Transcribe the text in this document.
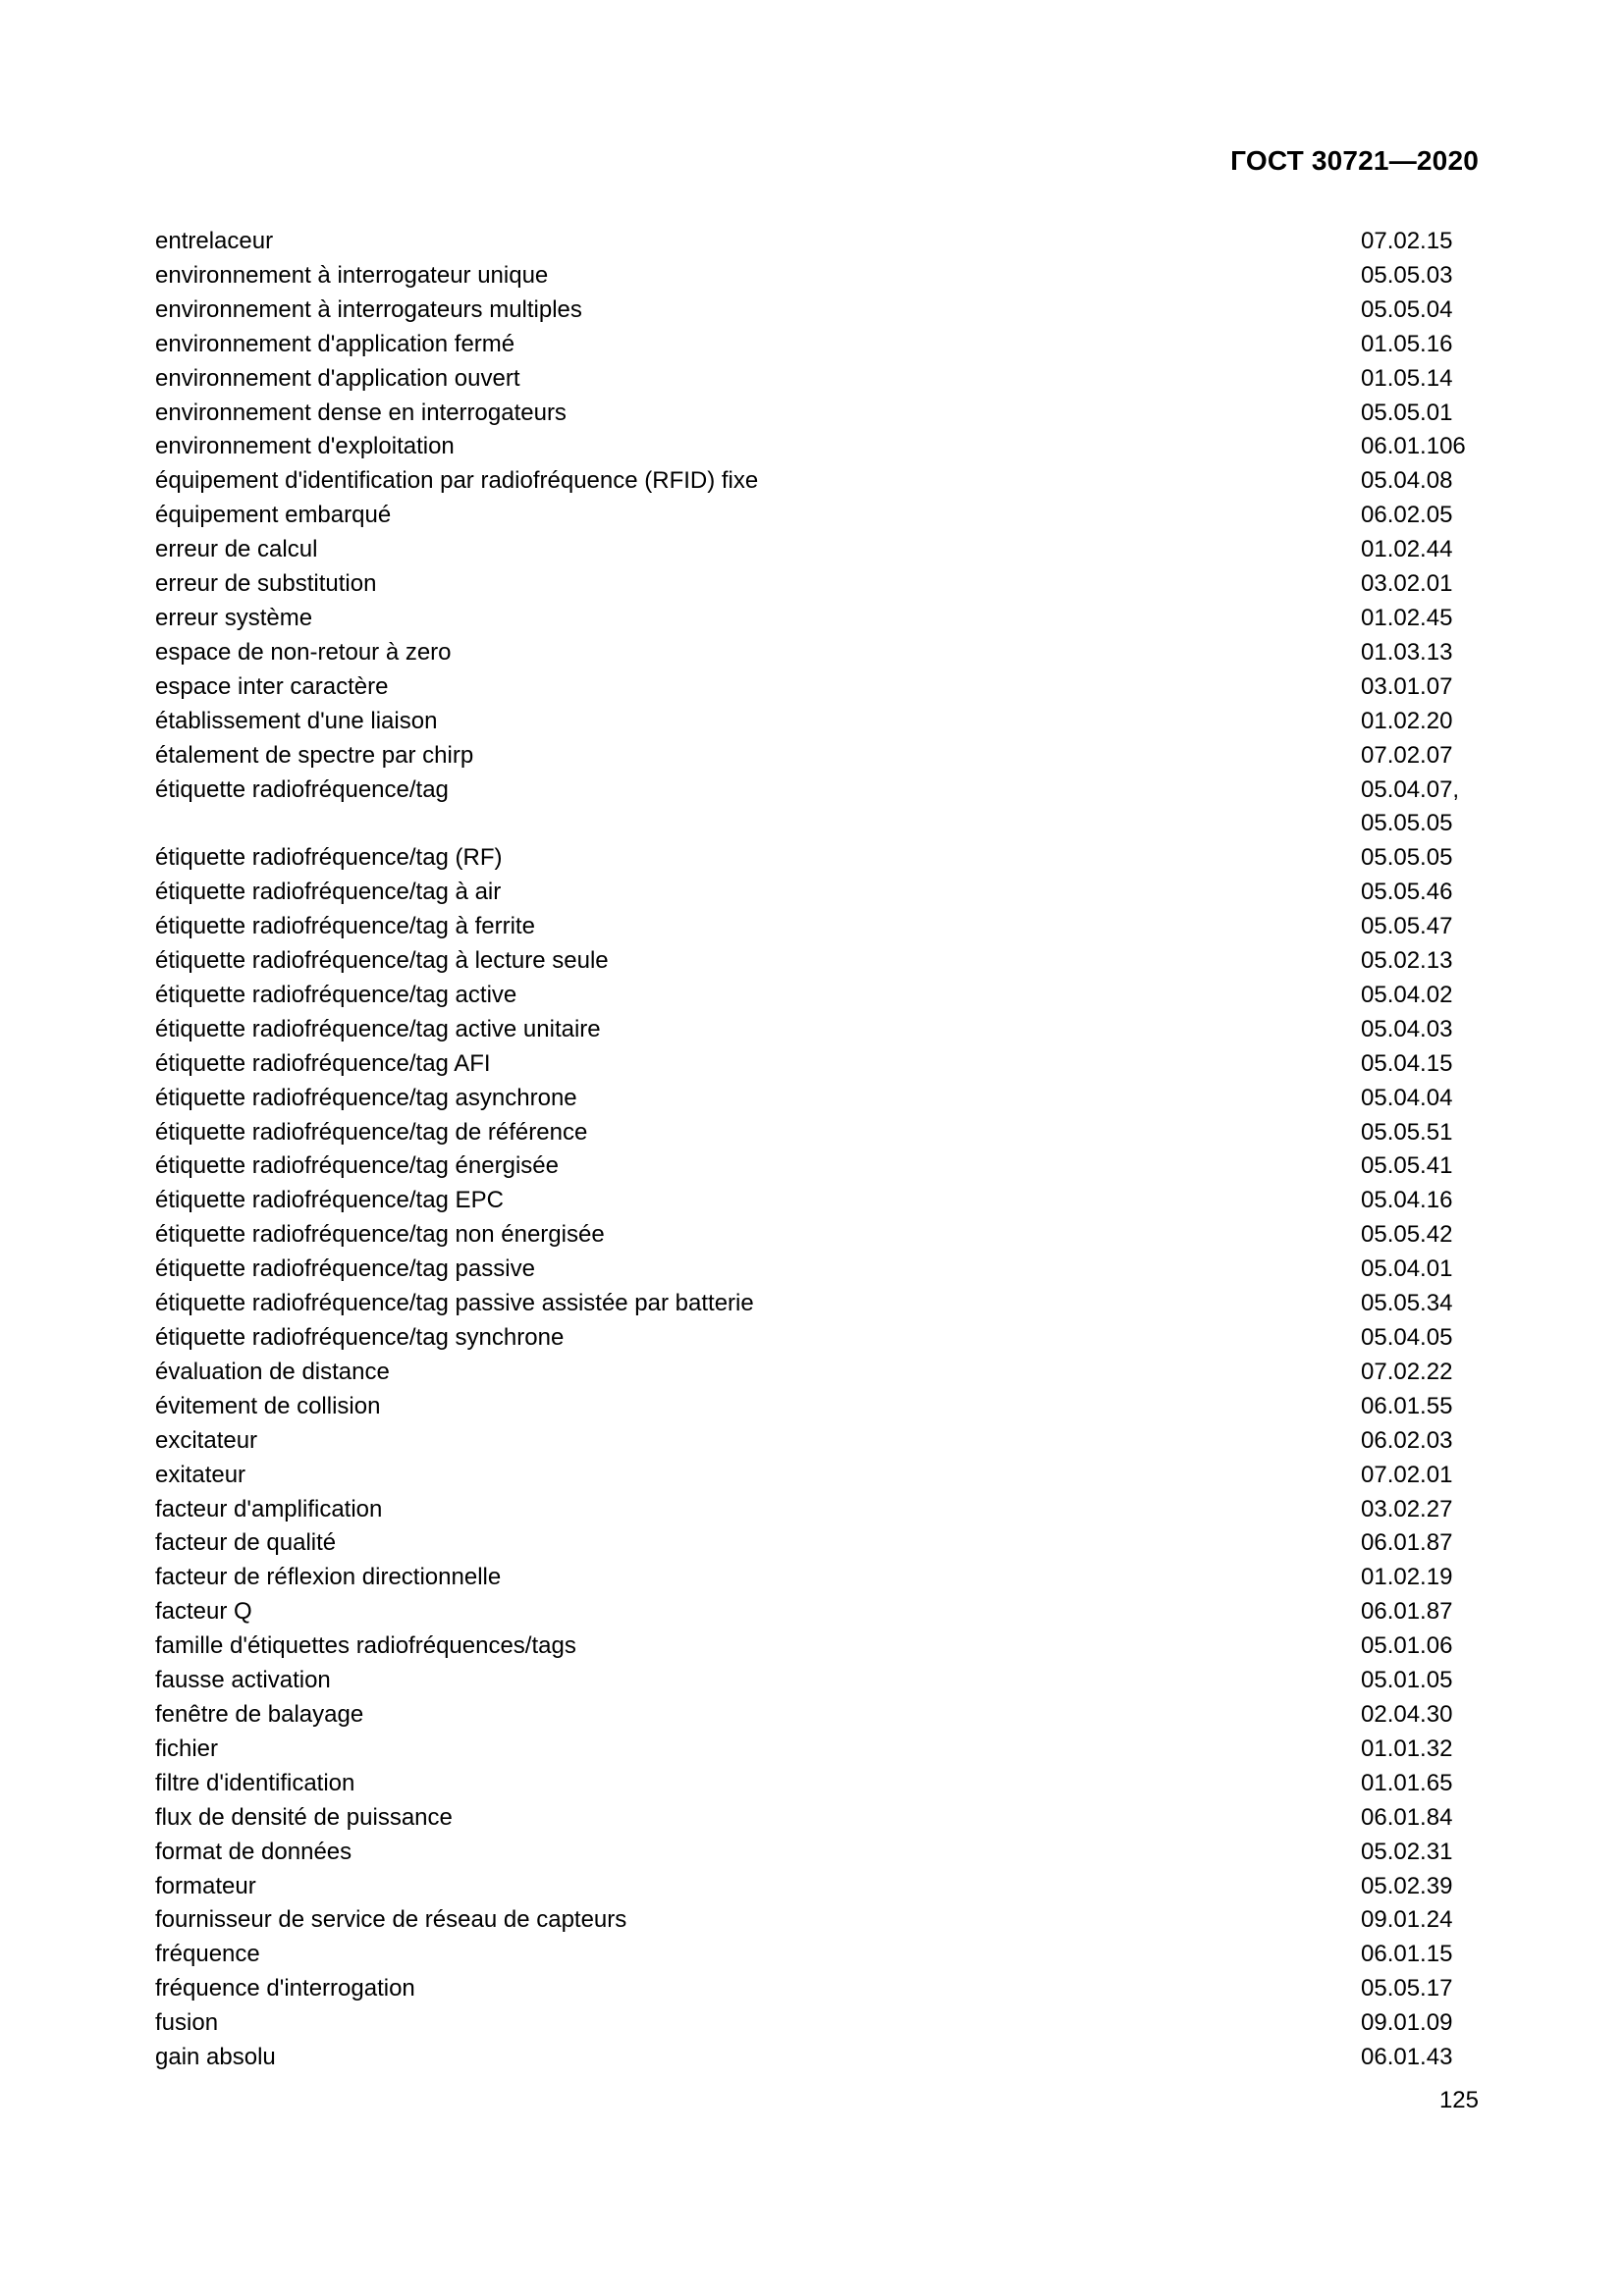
ГОСТ 30721—2020
entrelaceur	07.02.15
environnement à interrogateur unique	05.05.03
environnement à interrogateurs multiples	05.05.04
environnement d'application fermé	01.05.16
environnement d'application ouvert	01.05.14
environnement dense en interrogateurs	05.05.01
environnement d'exploitation	06.01.106
équipement d'identification par radiofréquence (RFID) fixe	05.04.08
équipement embarqué	06.02.05
erreur de calcul	01.02.44
erreur de substitution	03.02.01
erreur système	01.02.45
espace de non-retour à zero	01.03.13
espace inter caractère	03.01.07
établissement d'une liaison	01.02.20
étalement de spectre par chirp	07.02.07
étiquette radiofréquence/tag	05.04.07,
05.05.05
étiquette radiofréquence/tag (RF)	05.05.05
étiquette radiofréquence/tag à air	05.05.46
étiquette radiofréquence/tag à ferrite	05.05.47
étiquette radiofréquence/tag à lecture seule	05.02.13
étiquette radiofréquence/tag active	05.04.02
étiquette radiofréquence/tag active unitaire	05.04.03
étiquette radiofréquence/tag AFI	05.04.15
étiquette radiofréquence/tag asynchrone	05.04.04
étiquette radiofréquence/tag de référence	05.05.51
étiquette radiofréquence/tag énergisée	05.05.41
étiquette radiofréquence/tag EPC	05.04.16
étiquette radiofréquence/tag non énergisée	05.05.42
étiquette radiofréquence/tag passive	05.04.01
étiquette radiofréquence/tag passive assistée par batterie	05.05.34
étiquette radiofréquence/tag synchrone	05.04.05
évaluation de distance	07.02.22
évitement de collision	06.01.55
excitateur	06.02.03
exitateur	07.02.01
facteur d'amplification	03.02.27
facteur de qualité	06.01.87
facteur de réflexion directionnelle	01.02.19
facteur Q	06.01.87
famille d'étiquettes radiofréquences/tags	05.01.06
fausse activation	05.01.05
fenêtre de balayage	02.04.30
fichier	01.01.32
filtre d'identification	01.01.65
flux de densité de puissance	06.01.84
format de données	05.02.31
formateur	05.02.39
fournisseur de service de réseau de capteurs	09.01.24
fréquence	06.01.15
fréquence d'interrogation	05.05.17
fusion	09.01.09
gain absolu	06.01.43
125
